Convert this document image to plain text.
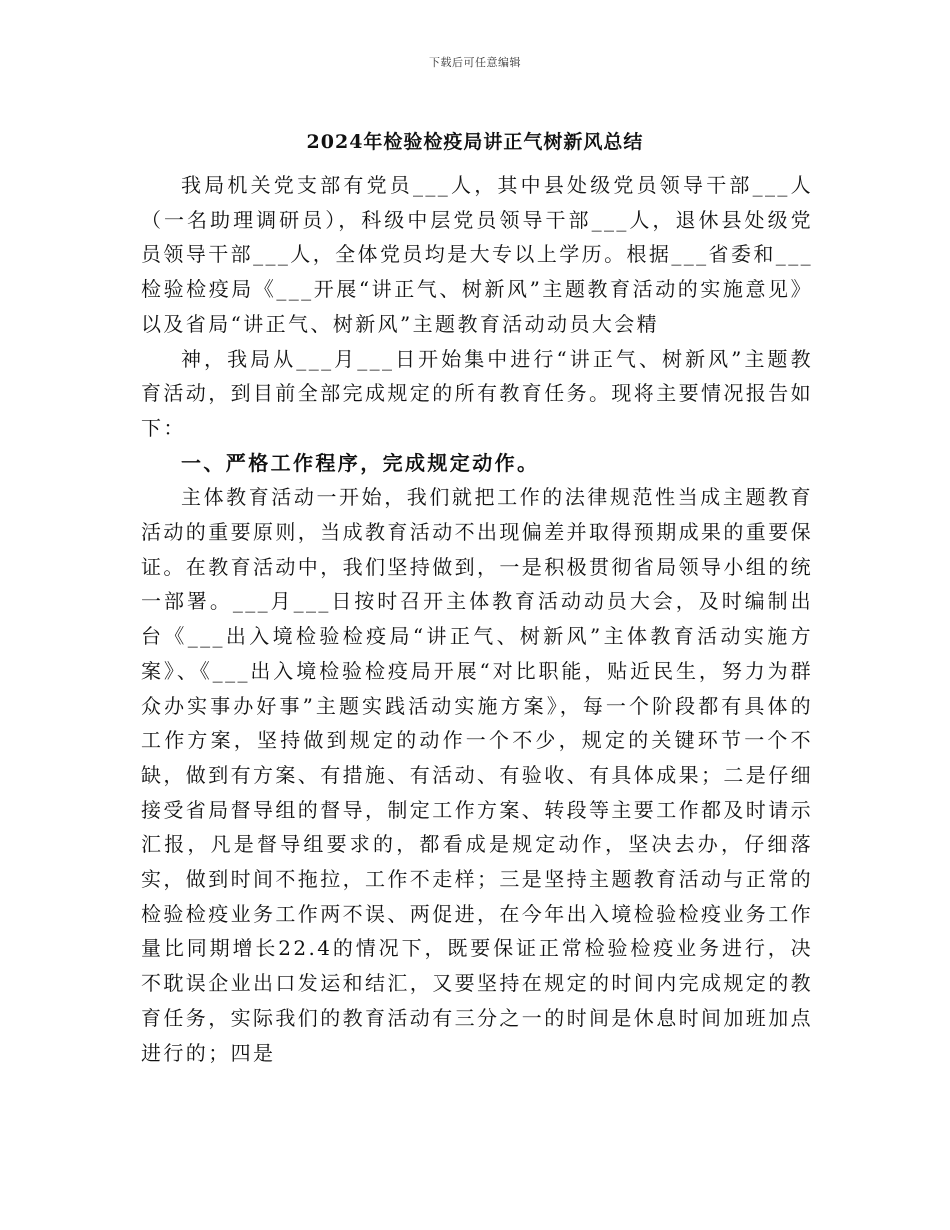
下载后可任意编辑
2024年检验检疫局讲正气树新风总结

我局机关党支部有党员___人，其中县处级党员领导干部___人（一名助理调研员），科级中层党员领导干部___人，退休县处级党员领导干部___人，全体党员均是大专以上学历。根据___省委和___检验检疫局《___开展“讲正气、树新风”主题教育活动的实施意见》以及省局“讲正气、树新风”主题教育活动动员大会精

神，我局从___月___日开始集中进行“讲正气、树新风”主题教育活动，到目前全部完成规定的所有教育任务。现将主要情况报告如下：

一、严格工作程序，完成规定动作。

主体教育活动一开始，我们就把工作的法律规范性当成主题教育活动的重要原则，当成教育活动不出现偏差并取得预期成果的重要保证。在教育活动中，我们坚持做到，一是积极贯彻省局领导小组的统一部署。___月___日按时召开主体教育活动动员大会，及时编制出台《___出入境检验检疫局“讲正气、树新风”主体教育活动实施方案》、《___出入境检验检疫局开展“对比职能，贴近民生，努力为群众办实事办好事”主题实践活动实施方案》，每一个阶段都有具体的工作方案，坚持做到规定的动作一个不少，规定的关键环节一个不缺，做到有方案、有措施、有活动、有验收、有具体成果；二是仔细接受省局督导组的督导，制定工作方案、转段等主要工作都及时请示汇报，凡是督导组要求的，都看成是规定动作，坚决去办，仔细落实，做到时间不拖拉，工作不走样；三是坚持主题教育活动与正常的检验检疫业务工作两不误、两促进，在今年出入境检验检疫业务工作量比同期增长22.4的情况下，既要保证正常检验检疫业务进行，决不耽误企业出口发运和结汇，又要坚持在规定的时间内完成规定的教育任务，实际我们的教育活动有三分之一的时间是休息时间加班加点进行的；四是
